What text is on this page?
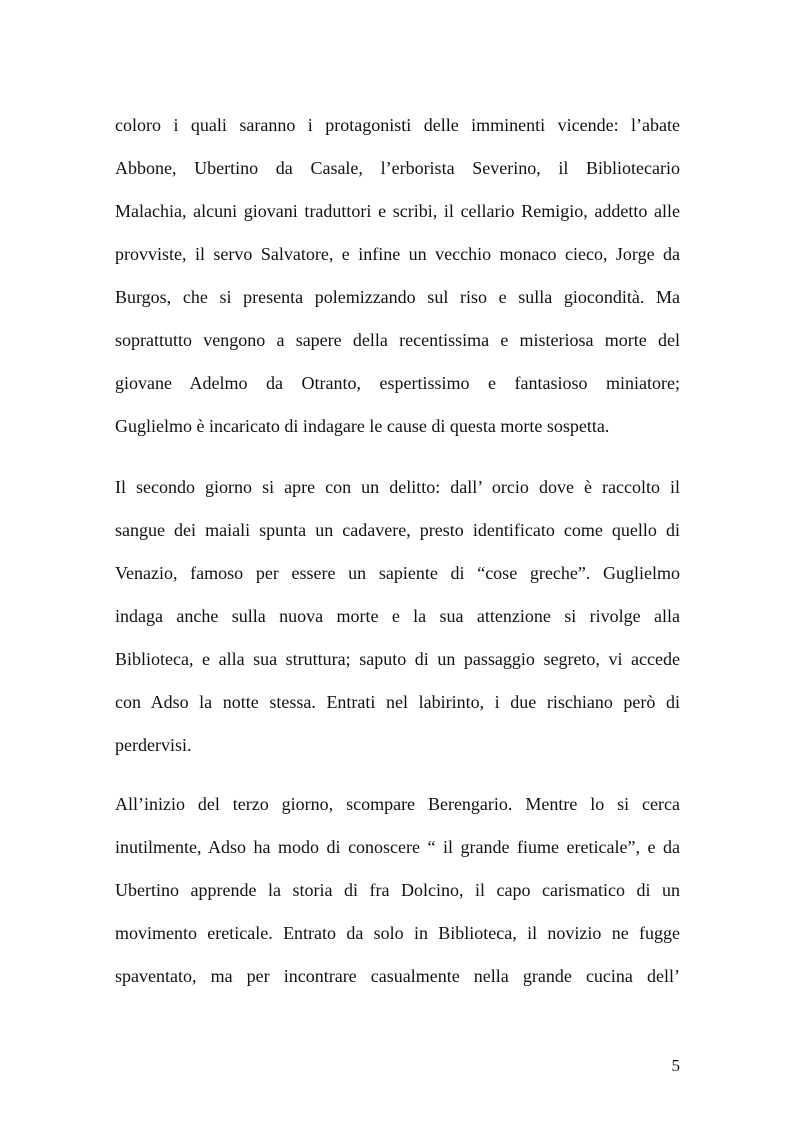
coloro i quali saranno i protagonisti delle imminenti vicende: l’abate
Abbone, Ubertino da Casale, l’erborista Severino, il Bibliotecario
Malachia, alcuni giovani traduttori e scribi, il cellario Remigio, addetto alle
provviste, il servo Salvatore, e infine un vecchio monaco cieco, Jorge da
Burgos, che si presenta polemizzando sul riso e sulla giocondità. Ma
soprattutto vengono a sapere della recentissima e misteriosa morte del
giovane Adelmo da Otranto, espertissimo e fantasioso miniatore;
Guglielmo è incaricato di indagare le cause di questa morte sospetta.
Il secondo giorno si apre con un delitto: dall’ orcio dove è raccolto il
sangue dei maiali spunta un cadavere, presto identificato come quello di
Venazio, famoso per essere un sapiente di “cose greche”. Guglielmo
indaga anche sulla nuova morte e la sua attenzione si rivolge alla
Biblioteca, e alla sua struttura; saputo di un passaggio segreto, vi accede
con Adso la notte stessa. Entrati nel labirinto, i due rischiano però di
perdervisi.
All’inizio del terzo giorno, scompare Berengario. Mentre lo si cerca
inutilmente, Adso ha modo di conoscere “ il grande fiume ereticale”, e da
Ubertino apprende la storia di fra Dolcino, il capo carismatico di un
movimento ereticale. Entrato da solo in Biblioteca, il novizio ne fugge
spaventato, ma per incontrare casualmente nella grande cucina dell’
5
